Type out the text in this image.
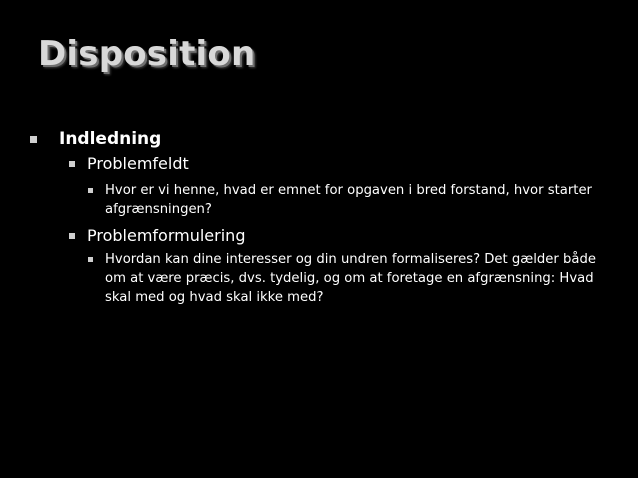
Disposition
Indledning
Problemfeldt
Hvor er vi henne, hvad er emnet for opgaven i bred forstand, hvor starter afgrænsningen?
Problemformulering
Hvordan kan dine interesser og din undren formaliseres? Det gælder både om at være præcis, dvs. tydelig, og om at foretage en afgrænsning: Hvad skal med og hvad skal ikke med?
